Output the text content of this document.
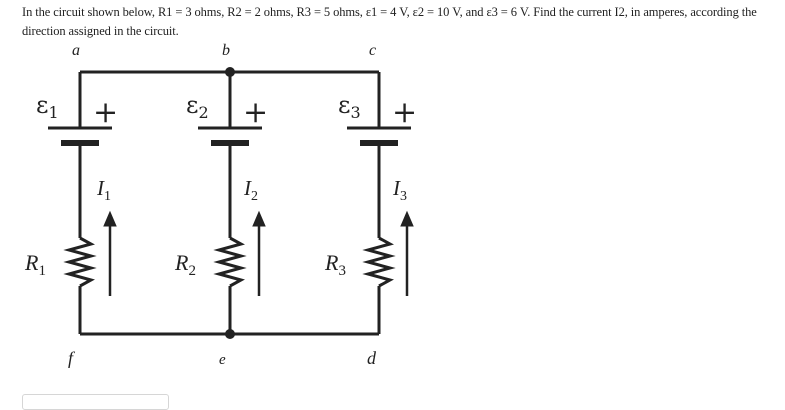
In the circuit shown below, R1 = 3 ohms, R2 = 2 ohms, R3 = 5 ohms, ε1 = 4 V, ε2 = 10 V, and ε3 = 6 V. Find the current I2, in amperes, according the

direction assigned in the circuit.

a	b	c
f	e	d
$\varepsilon_1$	$\varepsilon_2$	$\varepsilon_3$
+	+	+
$I_1$	$I_2$	$I_3$
$R_1$	$R_2$	$R_3$
